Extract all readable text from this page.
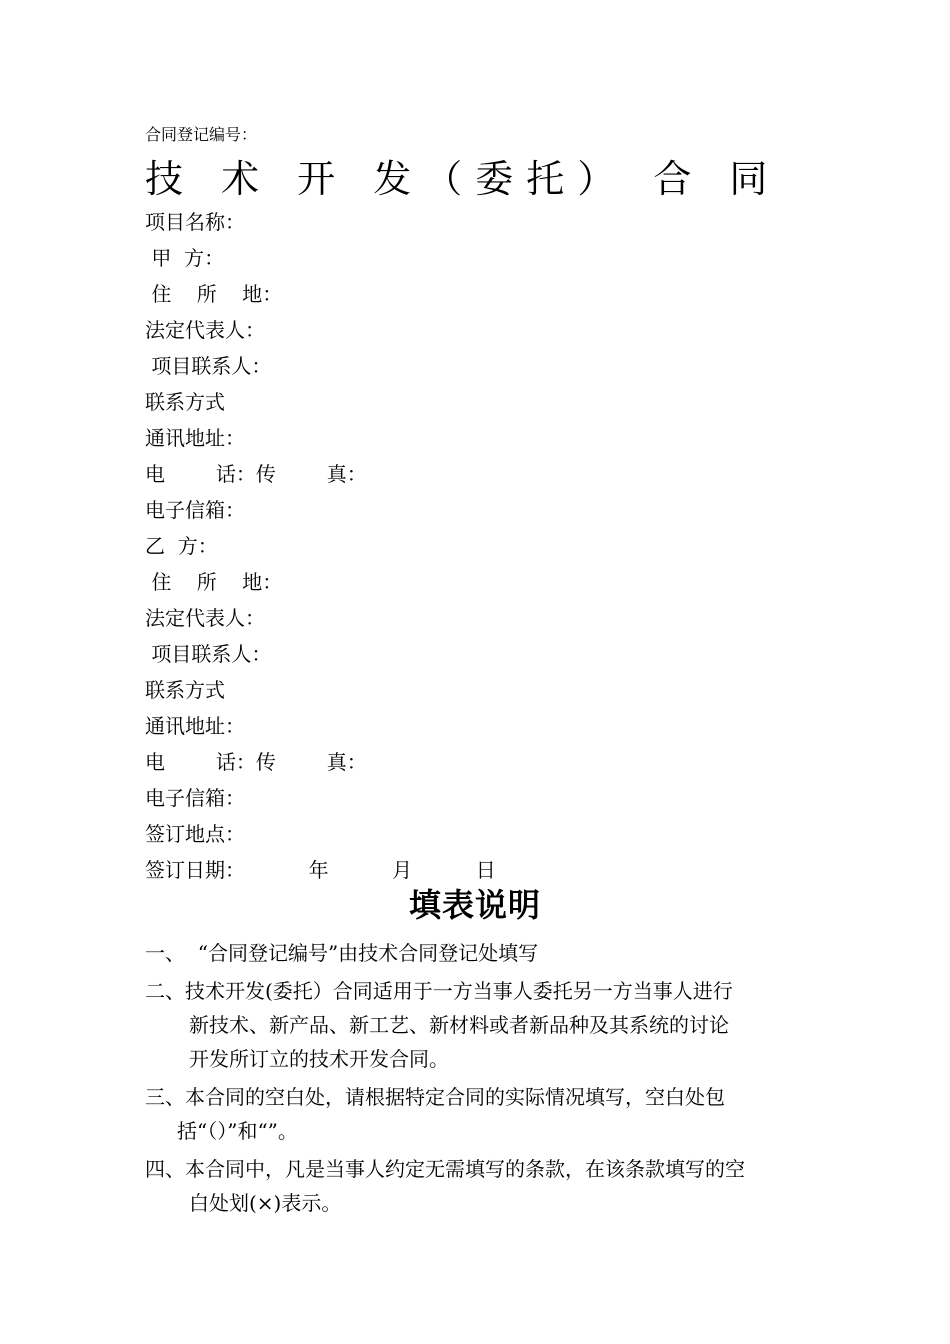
合同登记编号：
技 术 开 发（委托） 合 同
项目名称：
甲  方：
住    所    地：
法定代表人：
项目联系人：
联系方式
通讯地址：
电        话：传        真：
电子信箱：
乙  方：
住    所    地：
法定代表人：
项目联系人：
联系方式
通讯地址：
电        话：传        真：
电子信箱：
签订地点：
签订日期：          年          月          日
填表说明
一、  “合同登记编号”由技术合同登记处填写
二、技术开发(委托）合同适用于一方当事人委托另一方当事人进行
新技术、新产品、新工艺、新材料或者新品种及其系统的讨论
开发所订立的技术开发合同。
三、本合同的空白处，请根据特定合同的实际情况填写，空白处包
括“（）”和“”。
四、本合同中，凡是当事人约定无需填写的条款，在该条款填写的空
白处划(×)表示。
